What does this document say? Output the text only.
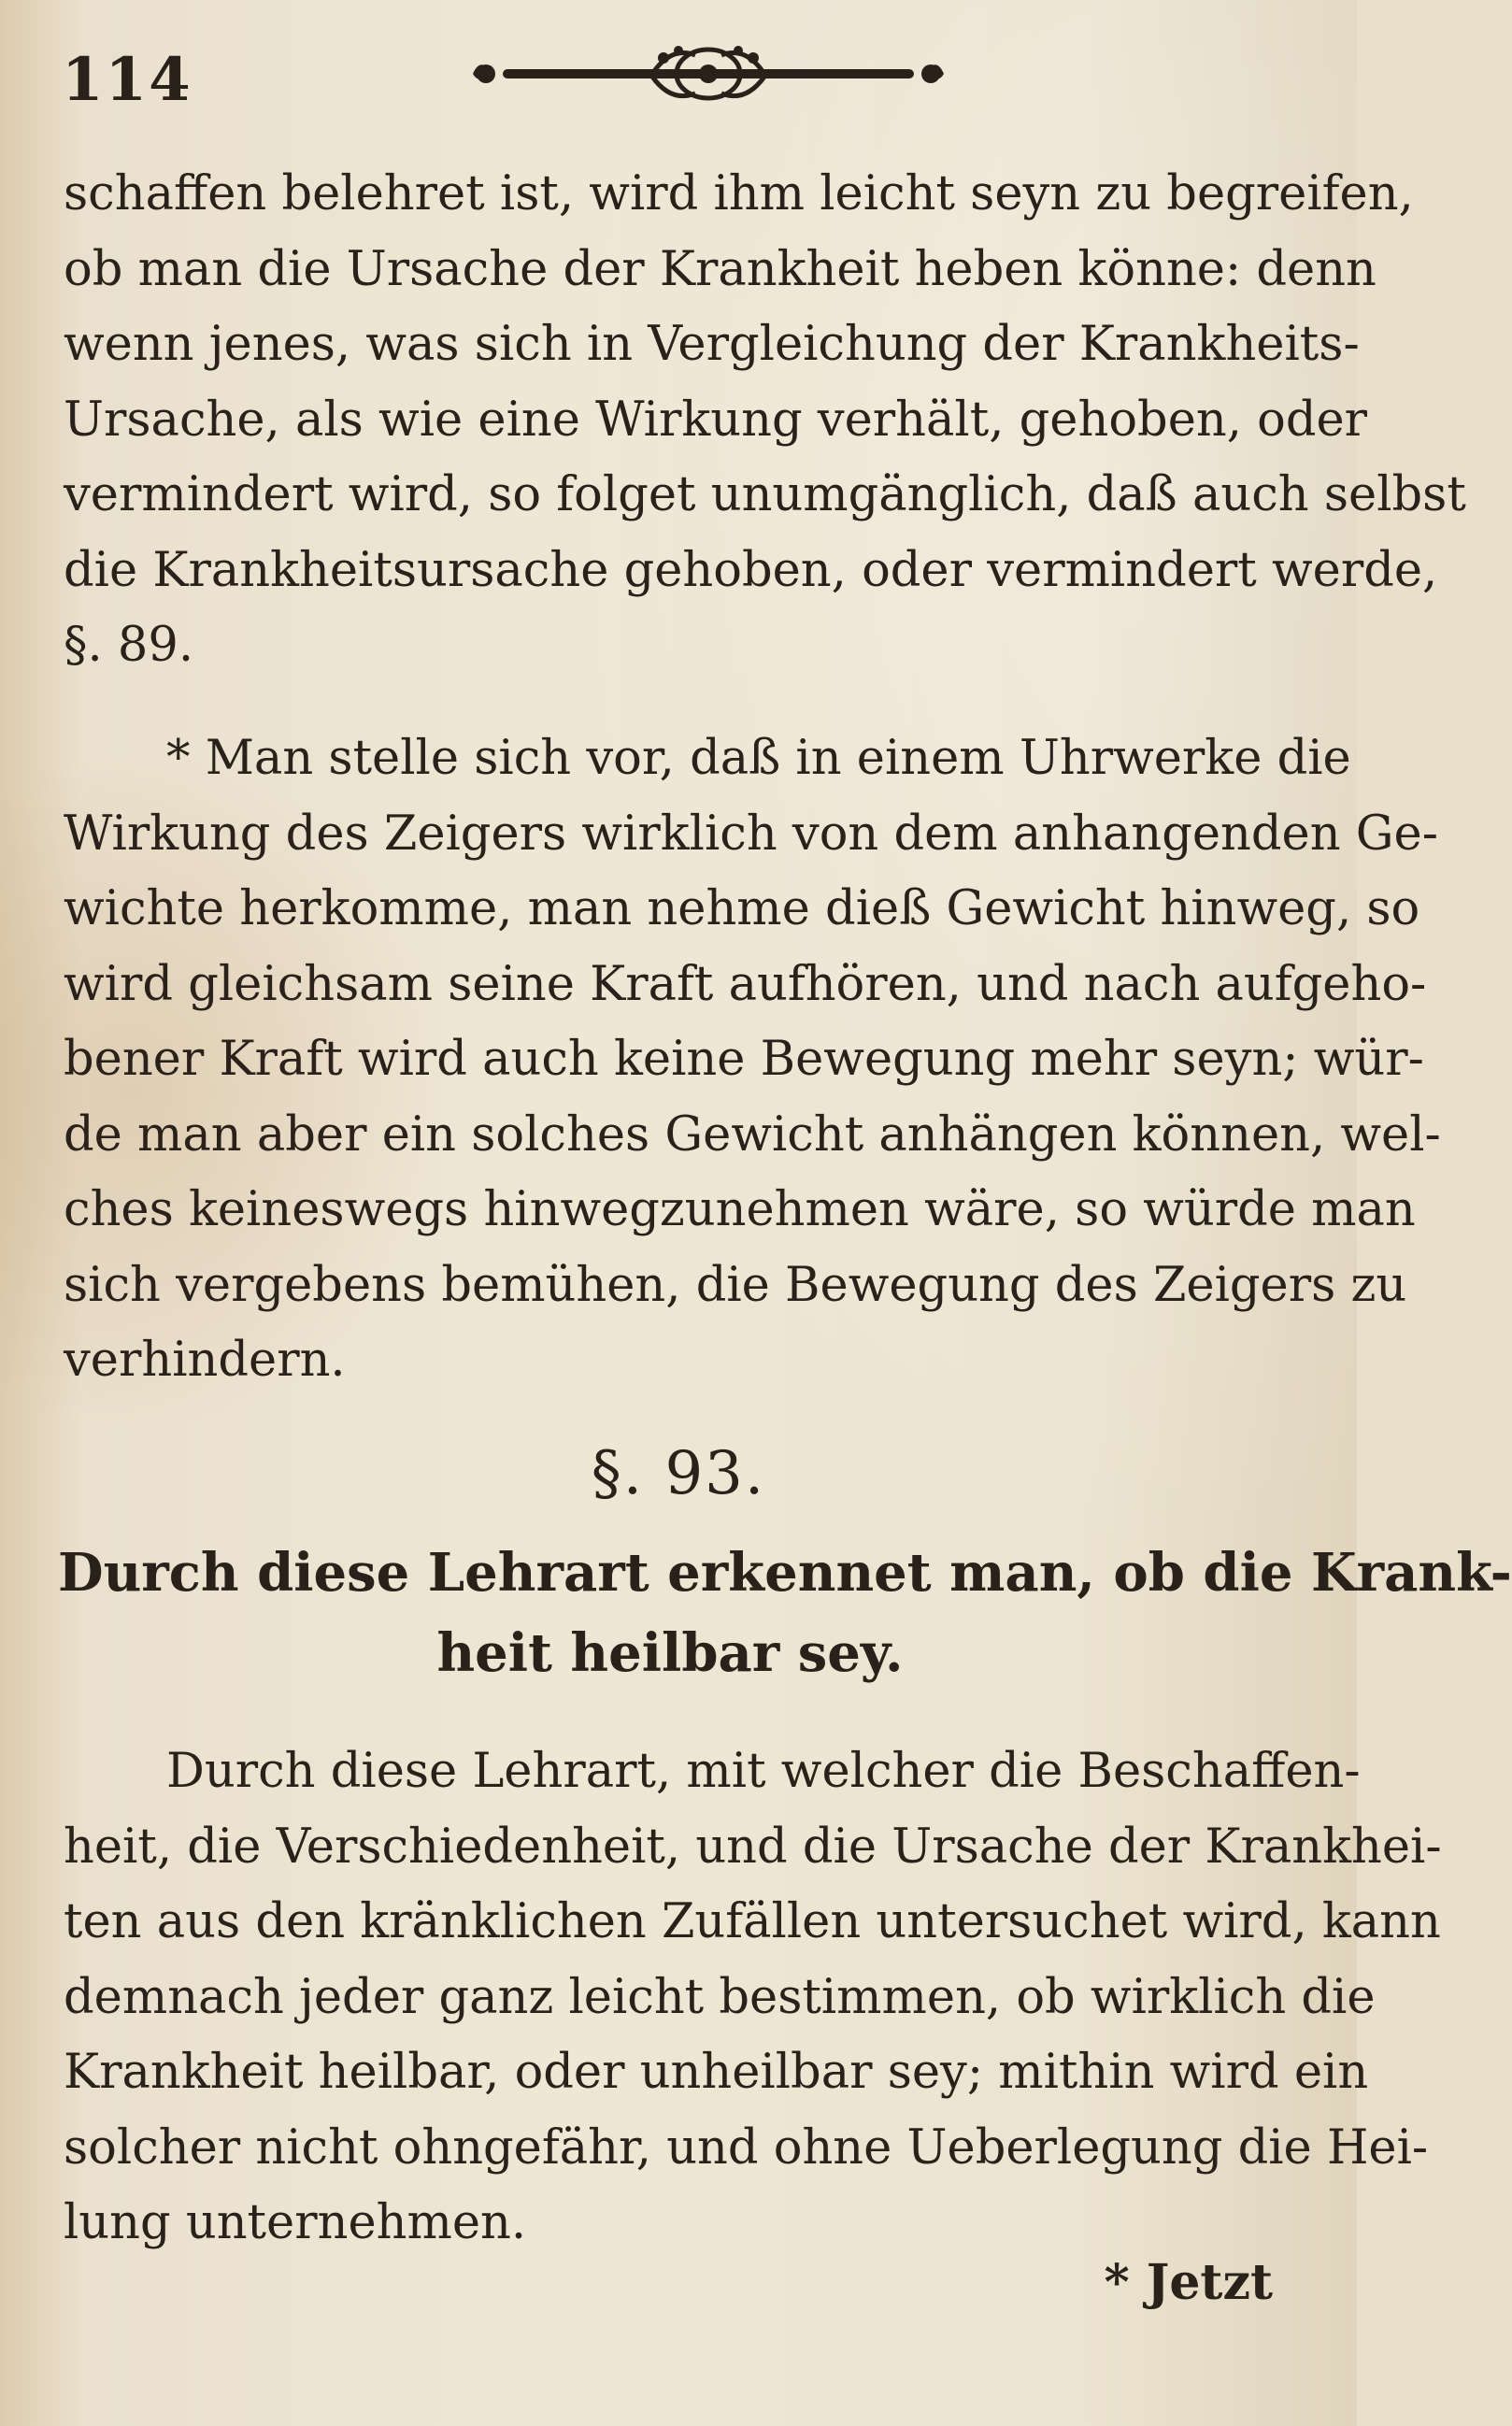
114
schaffen belehret ist, wird ihm leicht seyn zu begreifen,
ob man die Ursache der Krankheit heben könne: denn
wenn jenes, was sich in Vergleichung der Krankheits-
Ursache, als wie eine Wirkung verhält, gehoben, oder
vermindert wird, so folget unumgänglich, daß auch selbst
die Krankheitsursache gehoben, oder vermindert werde,
§. 89.
* Man stelle sich vor, daß in einem Uhrwerke die
Wirkung des Zeigers wirklich von dem anhangenden Ge-
wichte herkomme, man nehme dieß Gewicht hinweg, so
wird gleichsam seine Kraft aufhören, und nach aufgeho-
bener Kraft wird auch keine Bewegung mehr seyn; wür-
de man aber ein solches Gewicht anhängen können, wel-
ches keineswegs hinwegzunehmen wäre, so würde man
sich vergebens bemühen, die Bewegung des Zeigers zu
verhindern.
§. 93.
Durch diese Lehrart erkennet man, ob die Krank-
heit heilbar sey.
Durch diese Lehrart, mit welcher die Beschaffen-
heit, die Verschiedenheit, und die Ursache der Krankhei-
ten aus den kränklichen Zufällen untersuchet wird, kann
demnach jeder ganz leicht bestimmen, ob wirklich die
Krankheit heilbar, oder unheilbar sey; mithin wird ein
solcher nicht ohngefähr, und ohne Ueberlegung die Hei-
lung unternehmen.
* Jetzt
